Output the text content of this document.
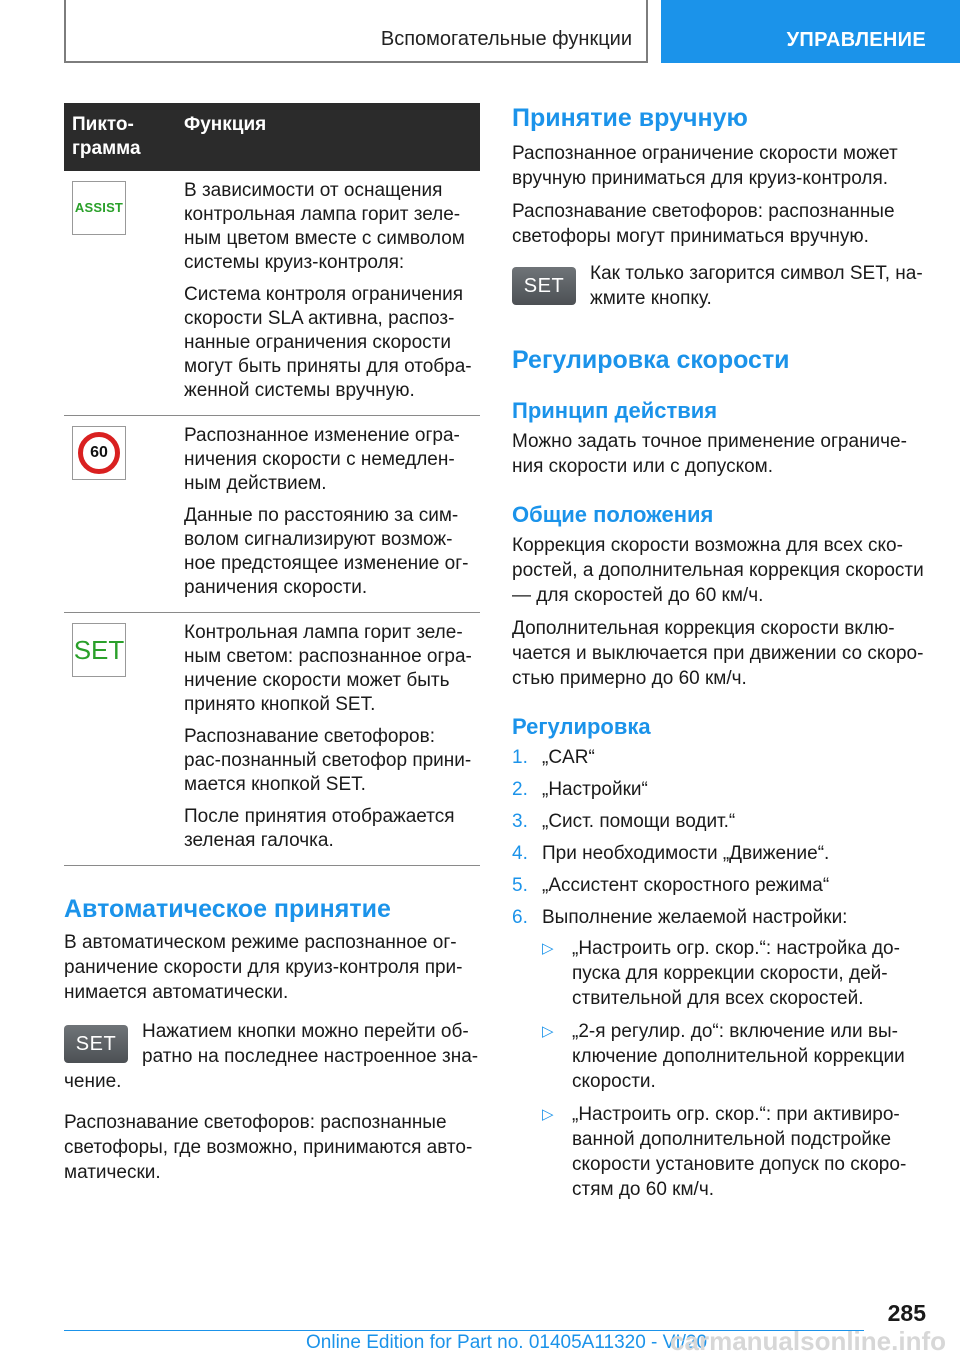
Вспомогательные функции	УПРАВЛЕНИЕ
Пикто-
грамма	Функция

ASSIST	В зависимости от оснащения контрольная лампа горит зеле-ным цветом вместе с символом системы круиз-контроля:

Система контроля ограничения скорости SLA активна, распоз-нанные ограничения скорости могут быть приняты для отобра-женной системы вручную.

60	Распознанное изменение огра-ничения скорости с немедлен-ным действием.

Данные по расстоянию за сим-волом сигнализируют возмож-ное предстоящее изменение ог-раничения скорости.

SET	Контрольная лампа горит зеле-ным светом: распознанное огра-ничение скорости может быть принято кнопкой SET.

Распознавание светофоров: рас-познанный светофор прини-мается кнопкой SET.

После принятия отображается зеленая галочка.

Автоматическое принятие

В автоматическом режиме распознанное ог-раничение скорости для круиз-контроля при-нимается автоматически.

SET

Нажатием кнопки можно перейти об-ратно на последнее настроенное зна-чение.

Распознавание светофоров: распознанные светофоры, где возможно, принимаются авто-матически.

Принятие вручную

Распознанное ограничение скорости может вручную приниматься для круиз-контроля.

Распознавание светофоров: распознанные светофоры могут приниматься вручную.

SET

Как только загорится символ SET, на-жмите кнопку.

Регулировка скорости
Принцип действия

Можно задать точное применение ограниче-ния скорости или с допуском.

Общие положения

Коррекция скорости возможна для всех ско-ростей, а дополнительная коррекция скорости — для скоростей до 60 км/ч.

Дополнительная коррекция скорости вклю-чается и выключается при движении со скоро-стью примерно до 60 км/ч.

Регулировка
1. „CAR“
2. „Настройки“
3. „Сист. помощи водит.“
4. При необходимости „Движение“.
5. „Ассистент скоростного режима“
6. Выполнение желаемой настройки:
▷ „Настроить огр. скор.“: настройка до-пуска для коррекции скорости, дей-ствительной для всех скоростей.
▷ „2-я регулир. до“: включение или вы-ключение дополнительной коррекции скорости.
▷ „Настроить огр. скор.“: при активиро-ванной дополнительной подстройке скорости установите допуск по скоро-стям до 60 км/ч.
285
Online Edition for Part no. 01405A11320 - VI/20
carmanualsonline.info
